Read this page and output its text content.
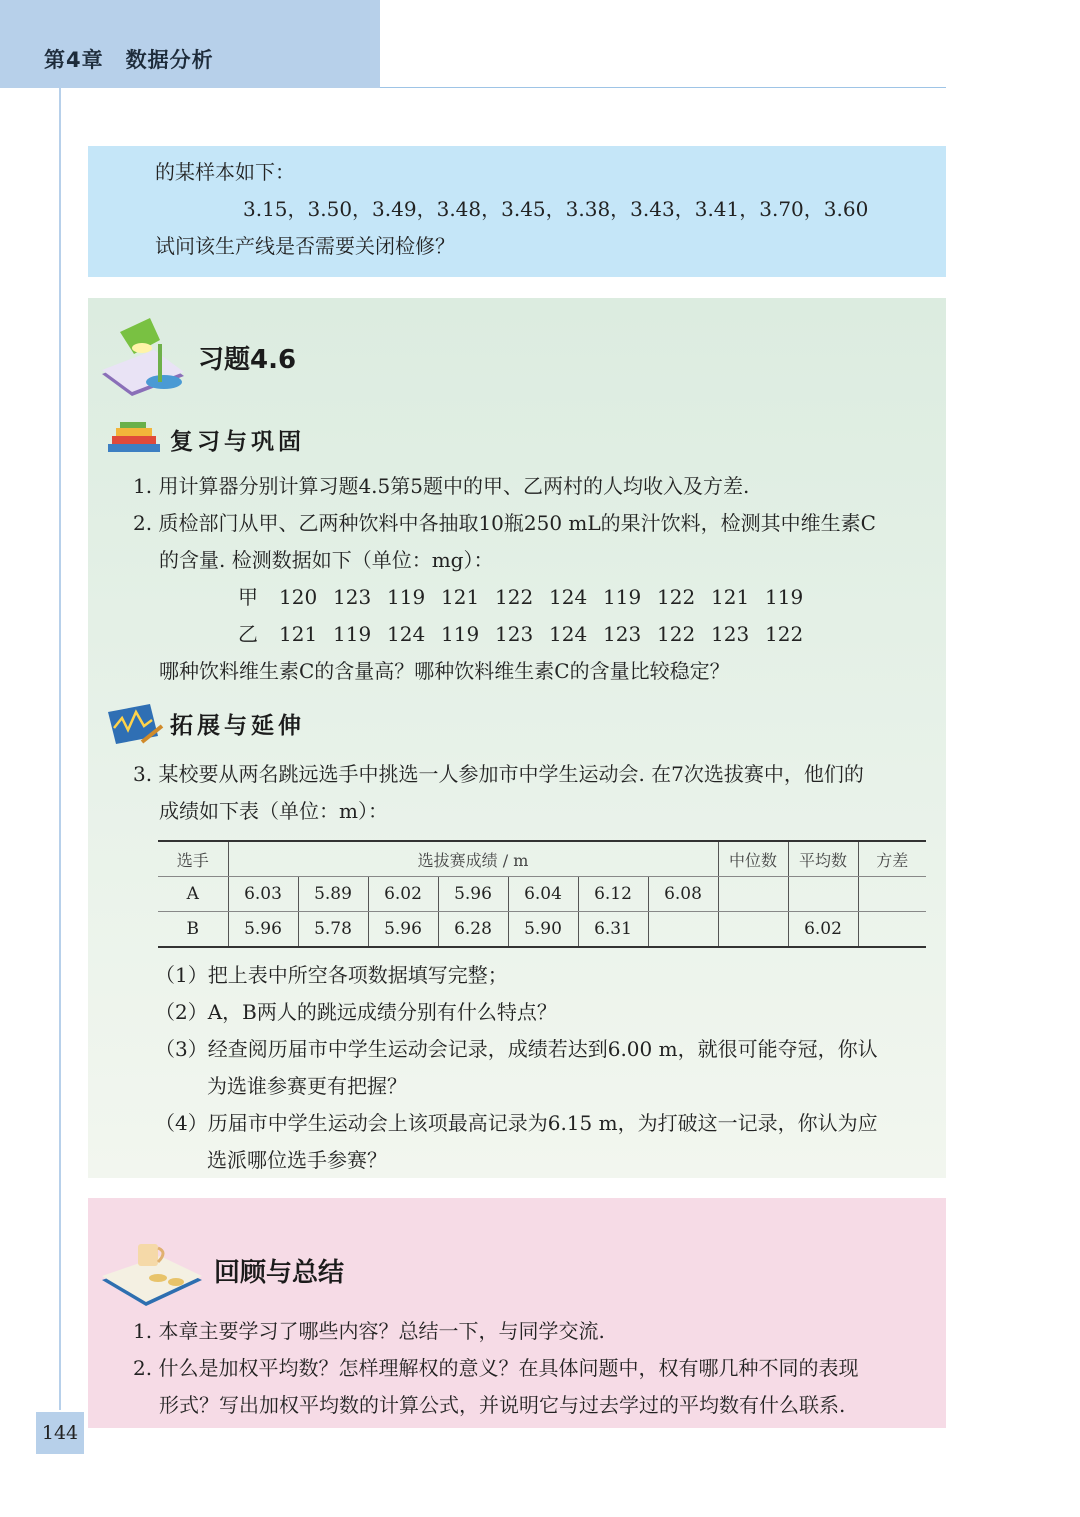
第4章　数据分析
的某样本如下：
3.15，3.50，3.49，3.48，3.45，3.38，3.43，3.41，3.70，3.60
试问该生产线是否需要关闭检修？
习题4.6
复习与巩固
1. 用计算器分别计算习题4.5第5题中的甲、乙两村的人均收入及方差.
2. 质检部门从甲、乙两种饮料中各抽取10瓶250 mL的果汁饮料，检测其中维生素C
的含量. 检测数据如下（单位：mg）：
甲 120 123 119 121 122 124 119 122 121 119
乙 121 119 124 119 123 124 123 122 123 122
哪种饮料维生素C的含量高？哪种饮料维生素C的含量比较稳定？
拓展与延伸
3. 某校要从两名跳远选手中挑选一人参加市中学生运动会. 在7次选拔赛中，他们的
成绩如下表（单位：m）：
选手	选拔赛成绩 / m							中位数	平均数	方差
A	6.03	5.89	6.02	5.96	6.04	6.12	6.08			
B	5.96	5.78	5.96	6.28	5.90	6.31			6.02	
（1）把上表中所空各项数据填写完整；
（2）A，B两人的跳远成绩分别有什么特点？
（3）经查阅历届市中学生运动会记录，成绩若达到6.00 m，就很可能夺冠，你认
为选谁参赛更有把握？
（4）历届市中学生运动会上该项最高记录为6.15 m，为打破这一记录，你认为应
选派哪位选手参赛？
回顾与总结
1. 本章主要学习了哪些内容？总结一下，与同学交流.
2. 什么是加权平均数？怎样理解权的意义？在具体问题中，权有哪几种不同的表现
形式？写出加权平均数的计算公式，并说明它与过去学过的平均数有什么联系.
144
